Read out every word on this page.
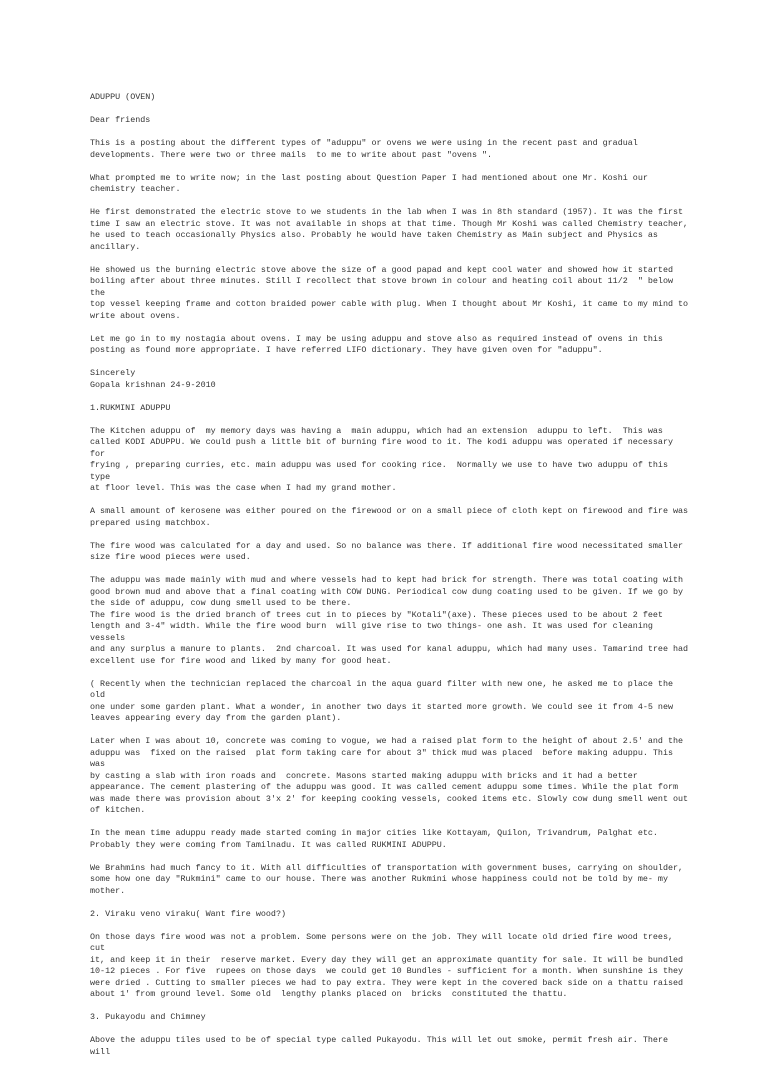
ADUPPU (OVEN)

Dear friends

This is a posting about the different types of "aduppu" or ovens we were using in the recent past and gradual
developments. There were two or three mails  to me to write about past "ovens ".

What prompted me to write now; in the last posting about Question Paper I had mentioned about one Mr. Koshi our
chemistry teacher.

He first demonstrated the electric stove to we students in the lab when I was in 8th standard (1957). It was the first
time I saw an electric stove. It was not available in shops at that time. Though Mr Koshi was called Chemistry teacher,
he used to teach occasionally Physics also. Probably he would have taken Chemistry as Main subject and Physics as
ancillary.

He showed us the burning electric stove above the size of a good papad and kept cool water and showed how it started
boiling after about three minutes. Still I recollect that stove brown in colour and heating coil about 11/2  " below the
top vessel keeping frame and cotton braided power cable with plug. When I thought about Mr Koshi, it came to my mind to
write about ovens.

Let me go in to my nostagia about ovens. I may be using aduppu and stove also as required instead of ovens in this
posting as found more appropriate. I have referred LIFO dictionary. They have given oven for "aduppu".

Sincerely
Gopala krishnan 24-9-2010

1.RUKMINI ADUPPU

The Kitchen aduppu of  my memory days was having a  main aduppu, which had an extension  aduppu to left.  This was
called KODI ADUPPU. We could push a little bit of burning fire wood to it. The kodi aduppu was operated if necessary for
frying , preparing curries, etc. main aduppu was used for cooking rice.  Normally we use to have two aduppu of this type
at floor level. This was the case when I had my grand mother.

A small amount of kerosene was either poured on the firewood or on a small piece of cloth kept on firewood and fire was
prepared using matchbox.

The fire wood was calculated for a day and used. So no balance was there. If additional fire wood necessitated smaller
size fire wood pieces were used.

The aduppu was made mainly with mud and where vessels had to kept had brick for strength. There was total coating with
good brown mud and above that a final coating with COW DUNG. Periodical cow dung coating used to be given. If we go by
the side of aduppu, cow dung smell used to be there.

The fire wood is the dried branch of trees cut in to pieces by "Kotali"(axe). These pieces used to be about 2 feet
length and 3-4" width. While the fire wood burn  will give rise to two things- one ash. It was used for cleaning vessels
and any surplus a manure to plants.  2nd charcoal. It was used for kanal aduppu, which had many uses. Tamarind tree had
excellent use for fire wood and liked by many for good heat.

( Recently when the technician replaced the charcoal in the aqua guard filter with new one, he asked me to place the old
one under some garden plant. What a wonder, in another two days it started more growth. We could see it from 4-5 new
leaves appearing every day from the garden plant).

Later when I was about 10, concrete was coming to vogue, we had a raised plat form to the height of about 2.5' and the
aduppu was  fixed on the raised  plat form taking care for about 3" thick mud was placed  before making aduppu. This was
by casting a slab with iron roads and  concrete. Masons started making aduppu with bricks and it had a better
appearance. The cement plastering of the aduppu was good. It was called cement aduppu some times. While the plat form
was made there was provision about 3'x 2' for keeping cooking vessels, cooked items etc. Slowly cow dung smell went out
of kitchen.

In the mean time aduppu ready made started coming in major cities like Kottayam, Quilon, Trivandrum, Palghat etc.
Probably they were coming from Tamilnadu. It was called RUKMINI ADUPPU.

We Brahmins had much fancy to it. With all difficulties of transportation with government buses, carrying on shoulder,
some how one day "Rukmini" came to our house. There was another Rukmini whose happiness could not be told by me- my
mother.

2. Viraku veno viraku( Want fire wood?)

On those days fire wood was not a problem. Some persons were on the job. They will locate old dried fire wood trees, cut
it, and keep it in their  reserve market. Every day they will get an approximate quantity for sale. It will be bundled
10-12 pieces . For five  rupees on those days  we could get 10 Bundles - sufficient for a month. When sunshine is they
were dried . Cutting to smaller pieces we had to pay extra. They were kept in the covered back side on a thattu raised
about 1' from ground level. Some old  lengthy planks placed on  bricks  constituted the thattu.

3. Pukayodu and Chimney

Above the aduppu tiles used to be of special type called Pukayodu. This will let out smoke, permit fresh air. There will
